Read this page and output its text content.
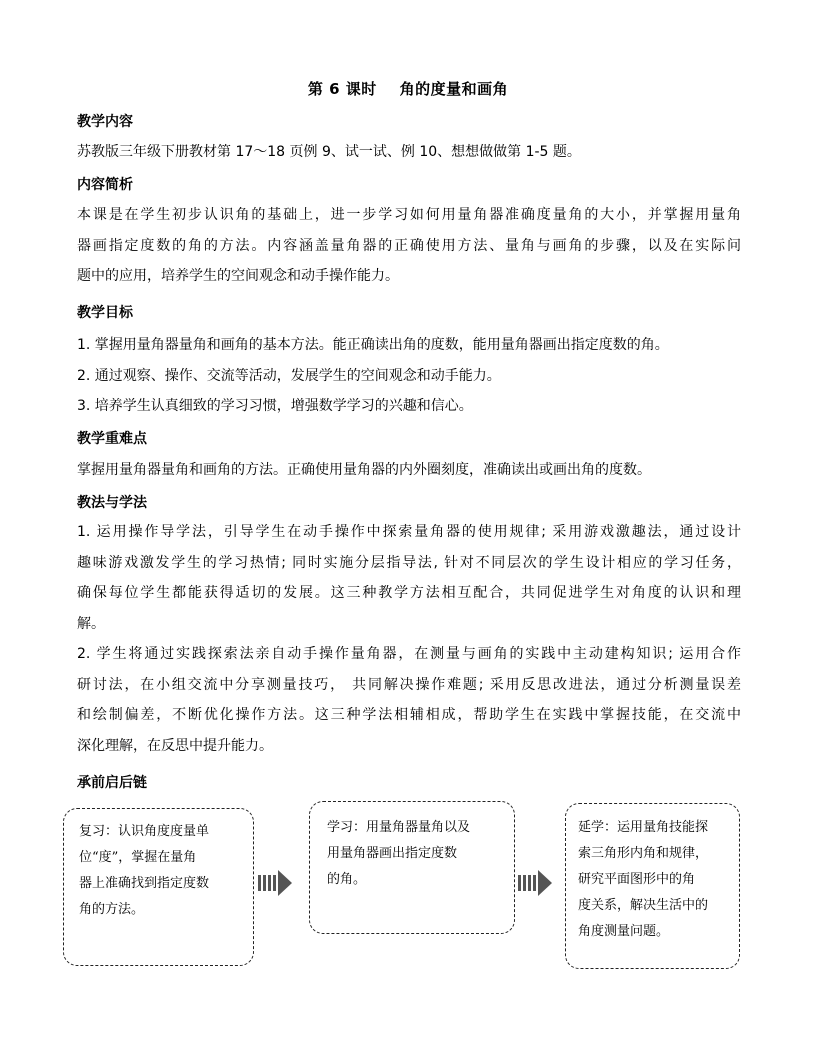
第 6 课时    角的度量和画角
教学内容
苏教版三年级下册教材第 17～18 页例 9、试一试、例 10、想想做做第 1-5 题。
内容简析
本课是在学生初步认识角的基础上，进一步学习如何用量角器准确度量角的大小，并掌握用量角
器画指定度数的角的方法。内容涵盖量角器的正确使用方法、量角与画角的步骤，以及在实际问
题中的应用，培养学生的空间观念和动手操作能力。
教学目标
1. 掌握用量角器量角和画角的基本方法。能正确读出角的度数，能用量角器画出指定度数的角。
2. 通过观察、操作、交流等活动，发展学生的空间观念和动手能力。
3. 培养学生认真细致的学习习惯，增强数学学习的兴趣和信心。
教学重难点
掌握用量角器量角和画角的方法。正确使用量角器的内外圈刻度，准确读出或画出角的度数。
教法与学法
1. 运用操作导学法，引导学生在动手操作中探索量角器的使用规律; 采用游戏激趣法，通过设计
趣味游戏激发学生的学习热情; 同时实施分层指导法, 针对不同层次的学生设计相应的学习任务，
确保每位学生都能获得适切的发展。这三种教学方法相互配合，共同促进学生对角度的认识和理
解。
2. 学生将通过实践探索法亲自动手操作量角器，在测量与画角的实践中主动建构知识; 运用合作
研讨法，在小组交流中分享测量技巧， 共同解决操作难题; 采用反思改进法，通过分析测量误差
和绘制偏差，不断优化操作方法。这三种学法相辅相成，帮助学生在实践中掌握技能，在交流中
深化理解，在反思中提升能力。
承前启后链
复习：认识角度度量单
位“度”，掌握在量角
器上准确找到指定度数
角的方法。
学习：用量角器量角以及
用量角器画出指定度数
的角。
延学：运用量角技能探
索三角形内角和规律，
研究平面图形中的角
度关系，解决生活中的
角度测量问题。
